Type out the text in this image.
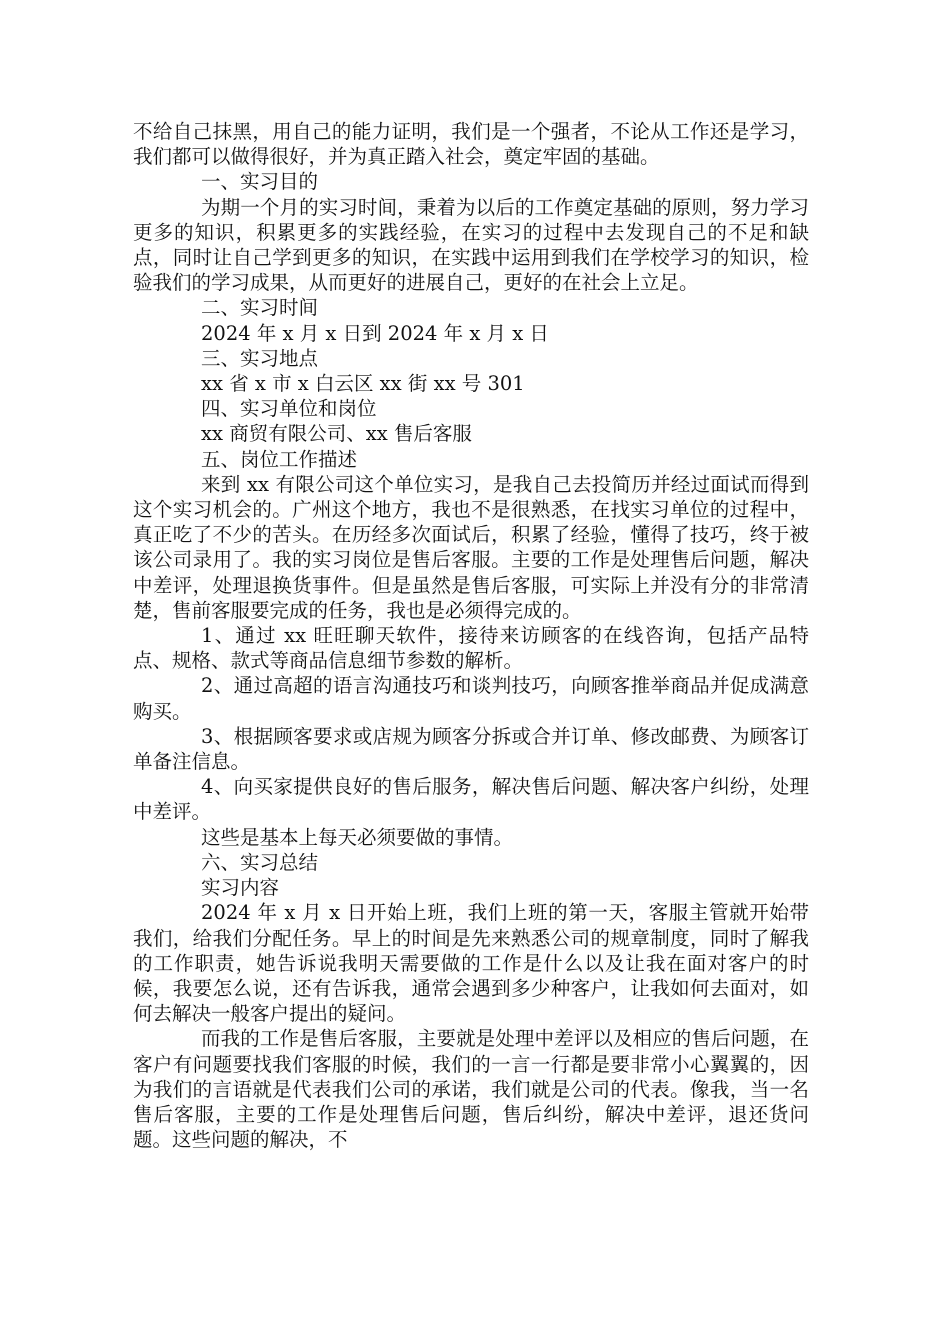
不给自己抹黑，用自己的能力证明，我们是一个强者，不论从工作还是学习，我们都可以做得很好，并为真正踏入社会，奠定牢固的基础。

一、实习目的

为期一个月的实习时间，秉着为以后的工作奠定基础的原则，努力学习更多的知识，积累更多的实践经验，在实习的过程中去发现自己的不足和缺点，同时让自己学到更多的知识，在实践中运用到我们在学校学习的知识，检验我们的学习成果，从而更好的进展自己，更好的在社会上立足。

二、实习时间

2024 年 x 月 x 日到 2024 年 x 月 x 日

三、实习地点

xx 省 x 市 x 白云区 xx 街 xx 号 301

四、实习单位和岗位

xx 商贸有限公司、xx 售后客服

五、岗位工作描述

来到 xx 有限公司这个单位实习，是我自己去投简历并经过面试而得到这个实习机会的。广州这个地方，我也不是很熟悉，在找实习单位的过程中，真正吃了不少的苦头。在历经多次面试后，积累了经验，懂得了技巧，终于被该公司录用了。我的实习岗位是售后客服。主要的工作是处理售后问题，解决中差评，处理退换货事件。但是虽然是售后客服，可实际上并没有分的非常清楚，售前客服要完成的任务，我也是必须得完成的。

1、通过 xx 旺旺聊天软件，接待来访顾客的在线咨询，包括产品特点、规格、款式等商品信息细节参数的解析。

2、通过高超的语言沟通技巧和谈判技巧，向顾客推举商品并促成满意购买。

3、根据顾客要求或店规为顾客分拆或合并订单、修改邮费、为顾客订单备注信息。

4、向买家提供良好的售后服务，解决售后问题、解决客户纠纷，处理中差评。

这些是基本上每天必须要做的事情。

六、实习总结

实习内容

2024 年 x 月 x 日开始上班，我们上班的第一天，客服主管就开始带我们，给我们分配任务。早上的时间是先来熟悉公司的规章制度，同时了解我的工作职责，她告诉说我明天需要做的工作是什么以及让我在面对客户的时候，我要怎么说，还有告诉我，通常会遇到多少种客户，让我如何去面对，如何去解决一般客户提出的疑问。

而我的工作是售后客服，主要就是处理中差评以及相应的售后问题，在客户有问题要找我们客服的时候，我们的一言一行都是要非常小心翼翼的，因为我们的言语就是代表我们公司的承诺，我们就是公司的代表。像我，当一名售后客服，主要的工作是处理售后问题，售后纠纷，解决中差评，退还货问题。这些问题的解决，不
